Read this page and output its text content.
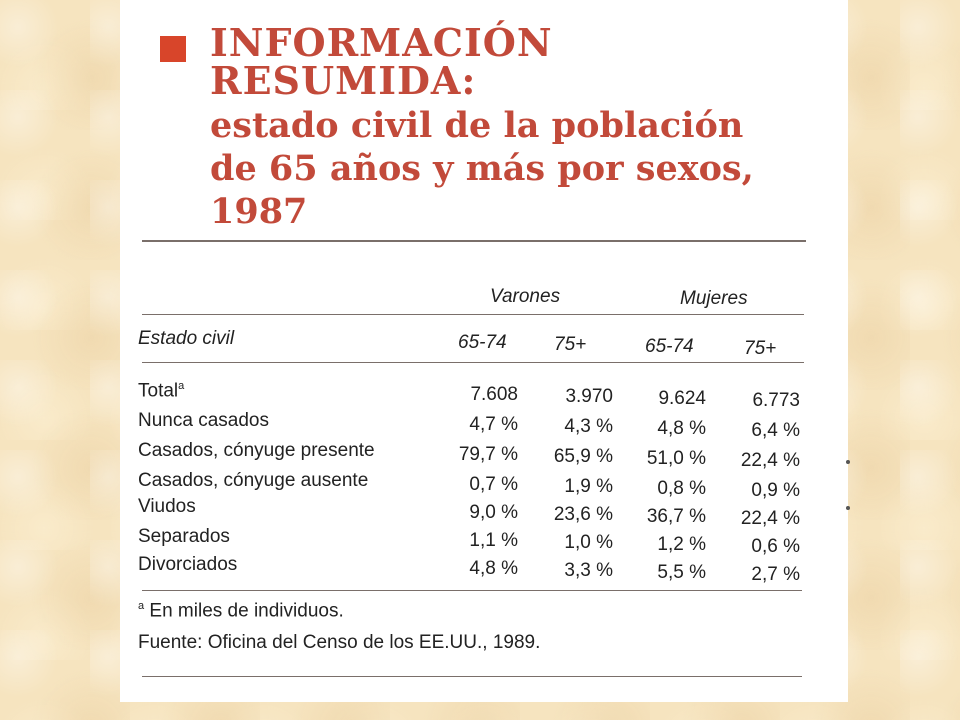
INFORMACIÓN RESUMIDA:
estado civil de la población
de 65 años y más por sexos,
1987
Varones	Mujeres
Estado civil	65-74 75+	65-74	75+
Total$^a$	7.608	3.970	9.624	6.773
Nunca casados	4,7 %	4,3 %	4,8 %	6,4 %
Casados, cónyuge presente	79,7 %	65,9 %	51,0 %	22,4 %
Casados, cónyuge ausente	0,7 %	1,9 %	0,8 %	0,9 %
Viudos	9,0 %	23,6 %	36,7 %	22,4 %
Separados	1,1 %	1,0 %	1,2 %	0,6 %
Divorciados	4,8 %	3,3 %	5,5 %	2,7 %
$^a$ En miles de individuos.
Fuente: Oficina del Censo de los EE.UU., 1989.
